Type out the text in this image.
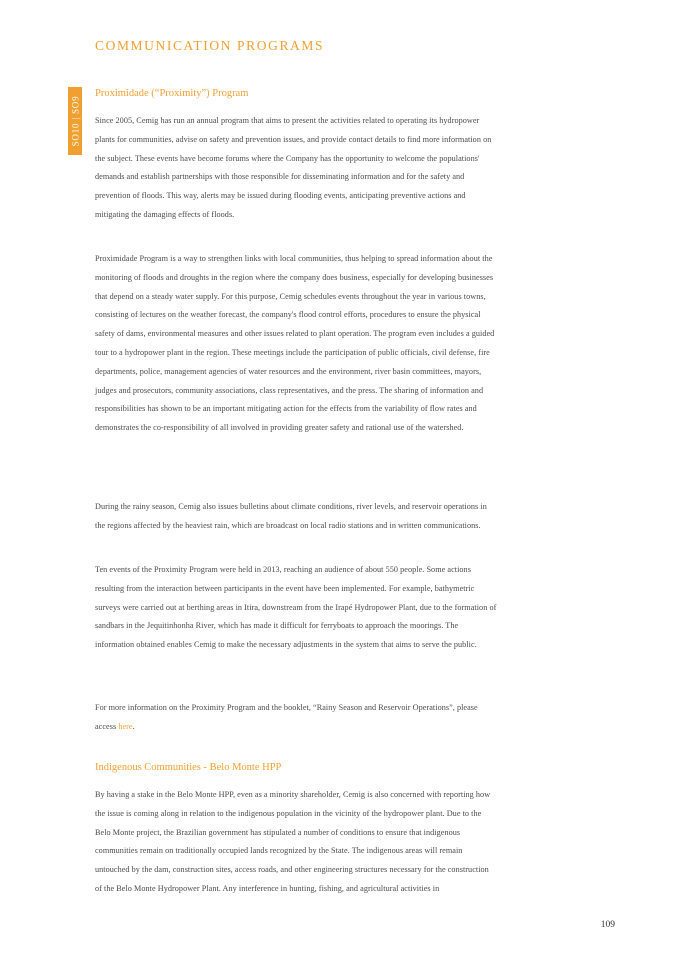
COMMUNICATION PROGRAMS
SO10 | SO9
Proximidade (“Proximity”) Program

Since 2005, Cemig has run an annual program that aims to present the activities related to operating its hydropower plants for communities, advise on safety and prevention issues, and provide contact details to find more information on the subject. These events have become forums where the Company has the opportunity to welcome the populations' demands and establish partnerships with those responsible for disseminating information and for the safety and prevention of floods. This way, alerts may be issued during flooding events, anticipating preventive actions and mitigating the damaging effects of floods.

Proximidade Program is a way to strengthen links with local communities, thus helping to spread information about the monitoring of floods and droughts in the region where the company does business, especially for developing businesses that depend on a steady water supply. For this purpose, Cemig schedules events throughout the year in various towns, consisting of lectures on the weather forecast, the company's flood control efforts, procedures to ensure the physical safety of dams, environmental measures and other issues related to plant operation. The program even includes a guided tour to a hydropower plant in the region. These meetings include the participation of public officials, civil defense, fire departments, police, management agencies of water resources and the environment, river basin committees, mayors, judges and prosecutors, community associations, class representatives, and the press. The sharing of information and responsibilities has shown to be an important mitigating action for the effects from the variability of flow rates and demonstrates the co-responsibility of all involved in providing greater safety and rational use of the watershed.

During the rainy season, Cemig also issues bulletins about climate conditions, river levels, and reservoir operations in the regions affected by the heaviest rain, which are broadcast on local radio stations and in written communications.

Ten events of the Proximity Program were held in 2013, reaching an audience of about 550 people. Some actions resulting from the interaction between participants in the event have been implemented. For example, bathymetric surveys were carried out at berthing areas in Itira, downstream from the Irapé Hydropower Plant, due to the formation of sandbars in the Jequitinhonha River, which has made it difficult for ferryboats to approach the moorings. The information obtained enables Cemig to make the necessary adjustments in the system that aims to serve the public.

For more information on the Proximity Program and the booklet, “Rainy Season and Reservoir Operations”, please access here.

Indigenous Communities - Belo Monte HPP

By having a stake in the Belo Monte HPP, even as a minority shareholder, Cemig is also concerned with reporting how the issue is coming along in relation to the indigenous population in the vicinity of the hydropower plant. Due to the Belo Monte project, the Brazilian government has stipulated a number of conditions to ensure that indigenous communities remain on traditionally occupied lands recognized by the State. The indigenous areas will remain untouched by the dam, construction sites, access roads, and other engineering structures necessary for the construction of the Belo Monte Hydropower Plant. Any interference in hunting, fishing, and agricultural activities in

109
